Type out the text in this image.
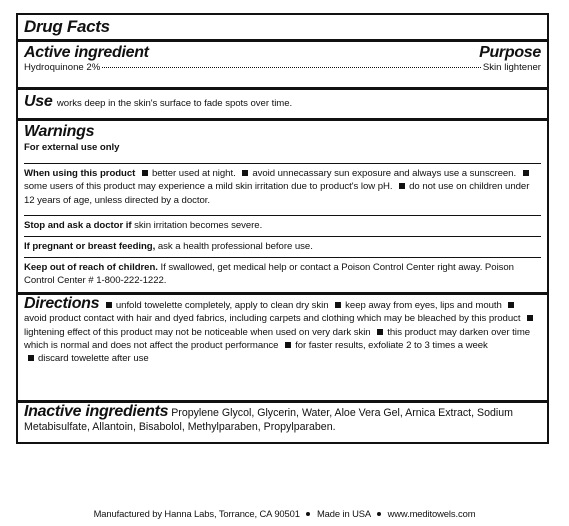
Drug Facts
Active ingredient	Purpose
Hydroquinone 2%	Skin lightener
Use works deep in the skin's surface to fade spots over time.
Warnings
For external use only
When using this product better used at night. avoid unnecassary sun exposure and always use a sunscreen. some users of this product may experience a mild skin irritation due to product's low pH. do not use on children under 12 years of age, unless directed by a doctor.
Stop and ask a doctor if skin irritation becomes severe.
If pregnant or breast feeding, ask a health professional before use.
Keep out of reach of children. If swallowed, get medical help or contact a Poison Control Center right away. Poison Control Center # 1-800-222-1222.
Directions unfold towelette completely, apply to clean dry skin keep away from eyes, lips and mouth avoid product contact with hair and dyed fabrics, including carpets and clothing which may be bleached by this product lightening effect of this product may not be noticeable when used on very dark skin this product may darken over time which is normal and does not affect the product performance for faster results, exfoliate 2 to 3 times a week
discard towelette after use
Inactive ingredients Propylene Glycol, Glycerin, Water, Aloe Vera Gel, Arnica Extract, Sodium Metabisulfate, Allantoin, Bisabolol, Methylparaben, Propylparaben.
Manufactured by Hanna Labs, Torrance, CA 90501 Made in USA www.meditowels.com
